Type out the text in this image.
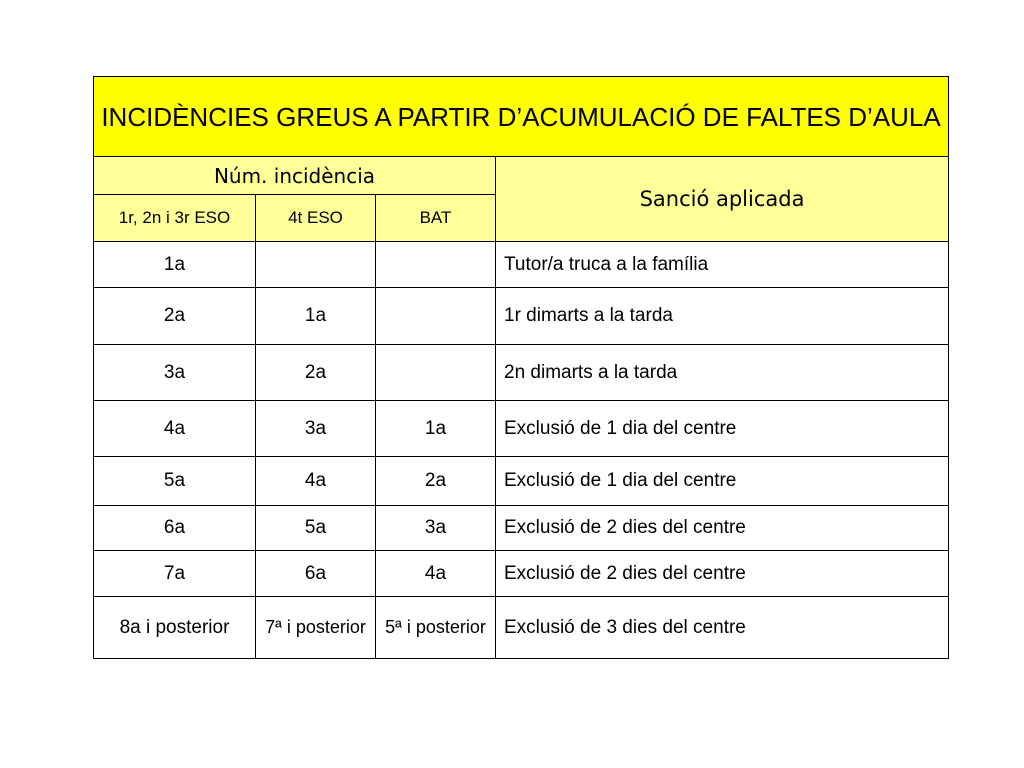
INCIDÈNCIES GREUS A PARTIR D’ACUMULACIÓ DE FALTES D’AULA			
Núm. incidència			Sanció aplicada
1r, 2n i 3r ESO	4t ESO	BAT	
1a			Tutor/a truca a la família
2a	1a		1r dimarts a la tarda
3a	2a		2n dimarts a la tarda
4a	3a	1a	Exclusió de 1 dia del centre
5a	4a	2a	Exclusió de 1 dia del centre
6a	5a	3a	Exclusió de 2 dies del centre
7a	6a	4a	Exclusió de 2 dies del centre
8a i posterior	7ª i posterior	5ª i posterior	Exclusió de 3 dies del centre
